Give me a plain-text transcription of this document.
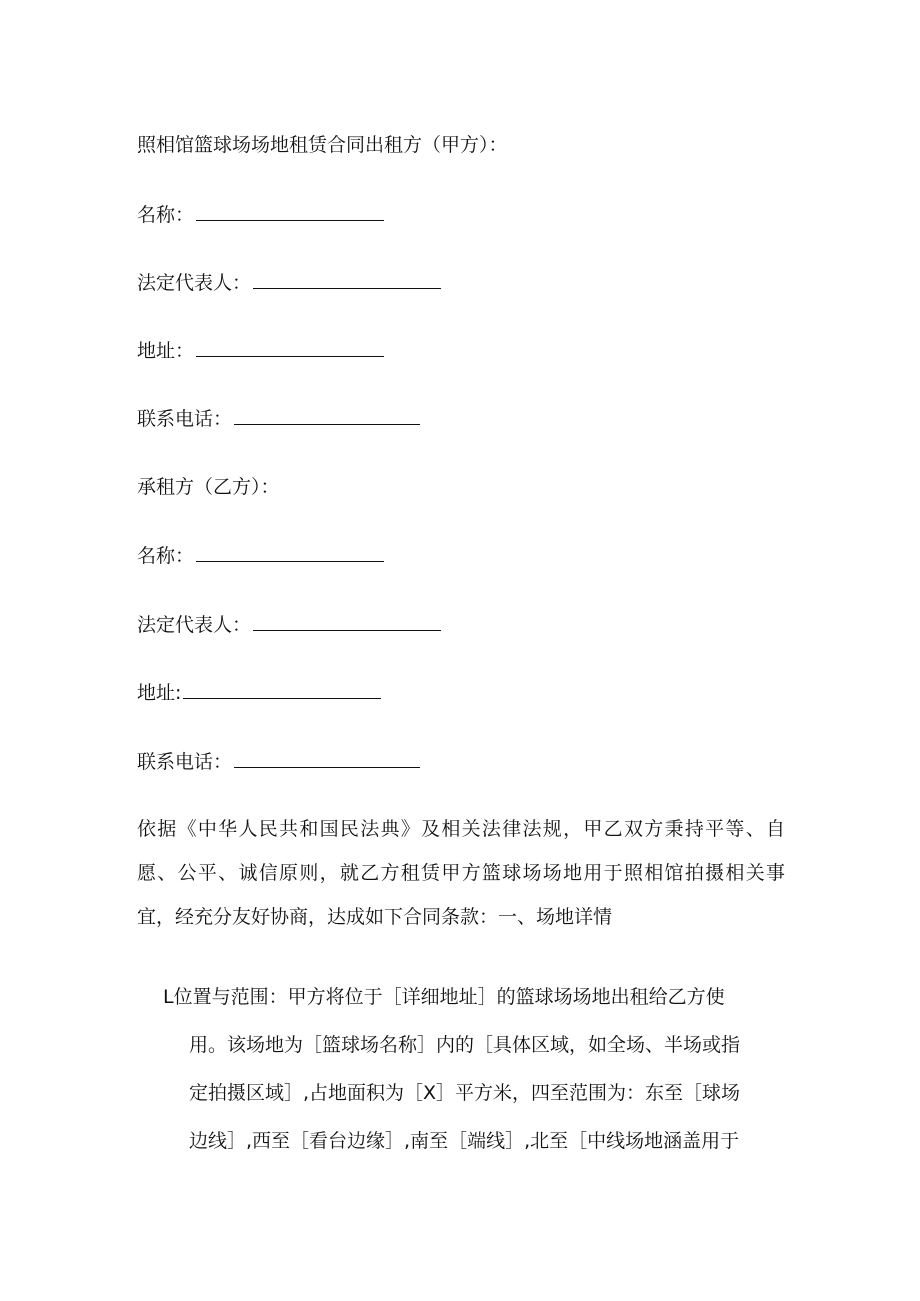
照相馆篮球场场地租赁合同出租方（甲方）：
名称：
法定代表人：
地址：
联系电话：
承租方（乙方）：
名称：
法定代表人：
地址:
联系电话：
依据《中华人民共和国民法典》及相关法律法规，甲乙双方秉持平等、自
愿、公平、诚信原则，就乙方租赁甲方篮球场场地用于照相馆拍摄相关事
宜，经充分友好协商，达成如下合同条款：一、场地详情
L位置与范围：甲方将位于［详细地址］的篮球场场地出租给乙方使
用。该场地为［篮球场名称］内的［具体区域，如全场、半场或指
定拍摄区域］,占地面积为［X］平方米，四至范围为：东至［球场
边线］,西至［看台边缘］,南至［端线］,北至［中线场地涵盖用于
